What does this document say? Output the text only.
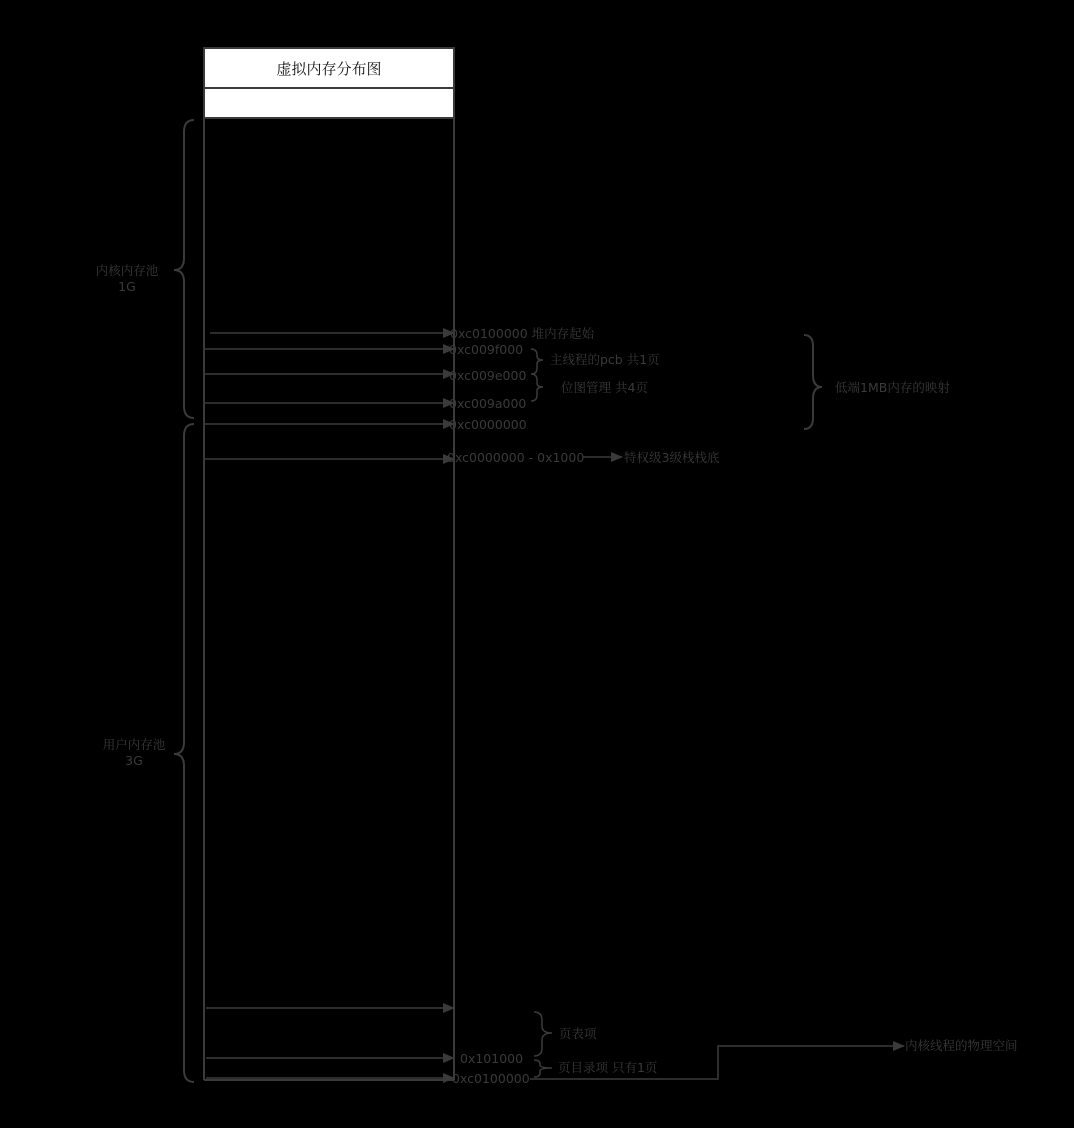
虚拟内存分布图
内核内存池
1G
用户内存池
3G
0xc0100000 堆内存起始
0xc009f000
0xc009e000
0xc009a000
0xc0000000
0xc0000000 - 0x1000
0x101000
0xc0100000
主线程的pcb 共1页
位图管理 共4页	低端1MB内存的映射
特权级3级栈栈底
页表项
页目录项 只有1页
内核线程的物理空间
